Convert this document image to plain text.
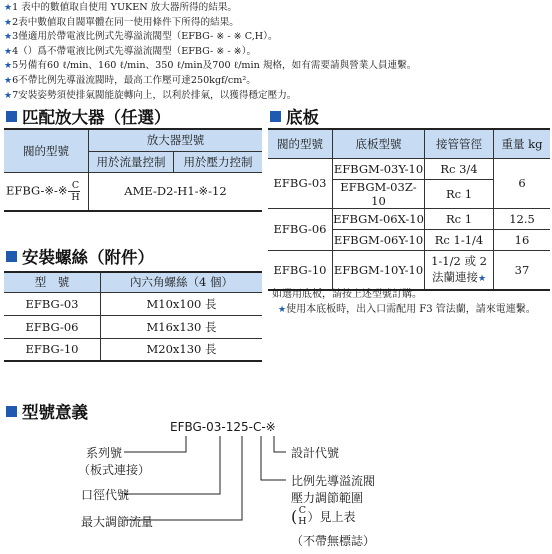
★1 表中的數値取自使用 YUKEN 放大器所得的結果。
★2表中數値取自閥單體在同一使用條件下所得的結果。
★3僅適用於帶電液比例式先導溢流閥型（EFBG- ※ - ※ C,H）。
★4（）爲不帶電液比例式先導溢流閥型（EFBG- ※ - ※）。
★5另備有60 ℓ/min、160 ℓ/min、350 ℓ/min及700 ℓ/min 規格，如有需要請與營業人員連繫。
★6不帶比例先導溢流閥時，最高工作壓可達250kgf/cm²。
★7安裝姿勢須使排氣閥能旋轉向上，以利於排氣，以獲得穩定壓力。
匹配放大器（任選）
閥的型號	放大器型號	
	用於流量控制	用於壓力控制
EFBG-※-※- $\frac{C}{H}$	AME-D2-H1-※-12	
安裝螺絲（附件）
型　號	內六角螺絲（4 個）
EFBG-03	M10x100 長
EFBG-06	M16x130 長
EFBG-10	M20x130 長
底板
閥的型號	底板型號	接管管徑	重量 kg
EFBG-03	EFBGM-03Y-10	Rc 3/4	6
	EFBGM-03Z-10	Rc 1	
EFBG-06	EFBGM-06X-10	Rc 1	12.5
	EFBGM-06Y-10	Rc 1-1/4	16
EFBG-10	EFBGM-10Y-10	1-1/2 或 2
法蘭連接★	37
如選用底板，請按上述型號訂購。
★使用本底板時，出入口需配用 F3 管法蘭，請來電連繫。
型號意義
EFBG-03-125-C-※
系列號
（板式連接）
口徑代號
最大調節流量
設計代號
比例先導溢流閥
壓力調節範圍
( C
H ）見上表
（不帶無標誌）
